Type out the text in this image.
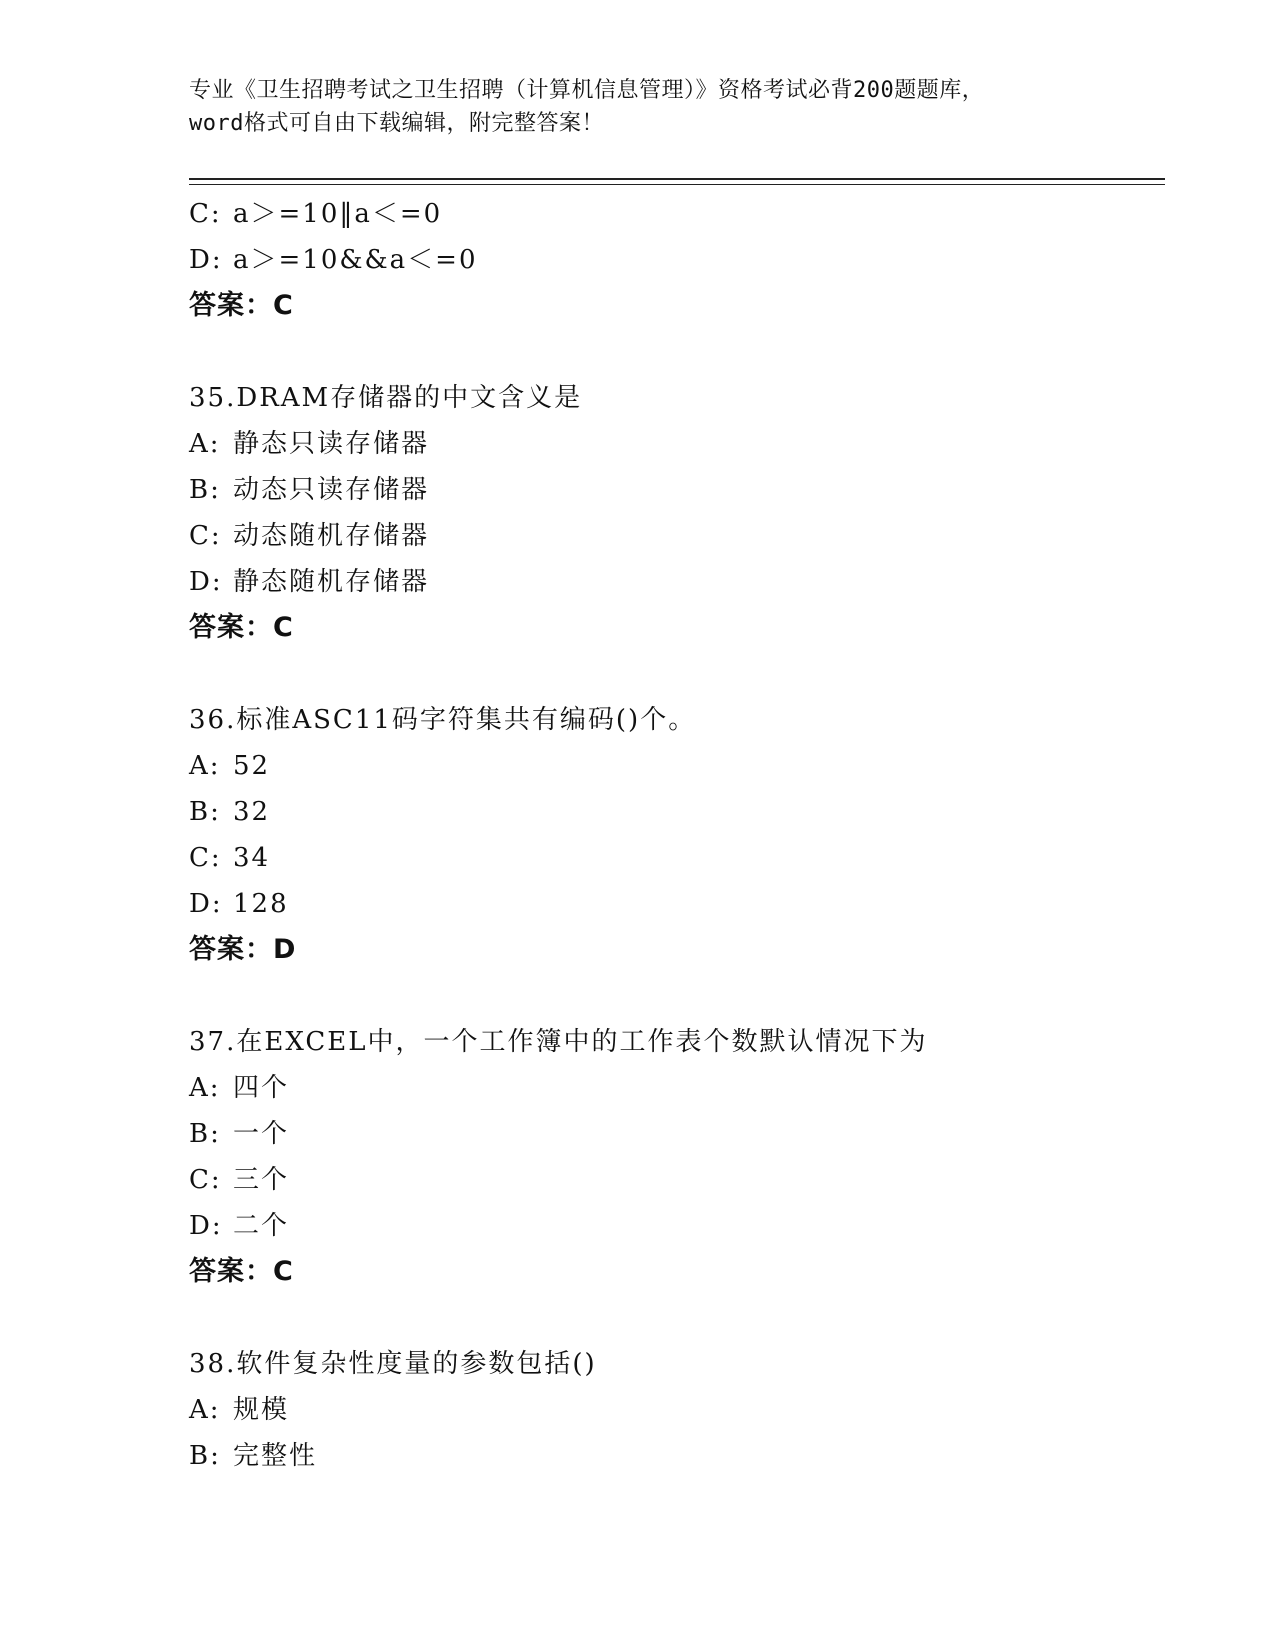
专业《卫生招聘考试之卫生招聘（计算机信息管理）》资格考试必背200题题库，
word格式可自由下载编辑，附完整答案！
C: a＞=10‖a＜=0
D: a＞=10&&a＜=0
答案：C
35.DRAM存储器的中文含义是
A: 静态只读存储器
B: 动态只读存储器
C: 动态随机存储器
D: 静态随机存储器
答案：C
36.标准ASC11码字符集共有编码()个。
A: 52
B: 32
C: 34
D: 128
答案：D
37.在EXCEL中，一个工作簿中的工作表个数默认情况下为
A: 四个
B: 一个
C: 三个
D: 二个
答案：C
38.软件复杂性度量的参数包括()
A: 规模
B: 完整性
